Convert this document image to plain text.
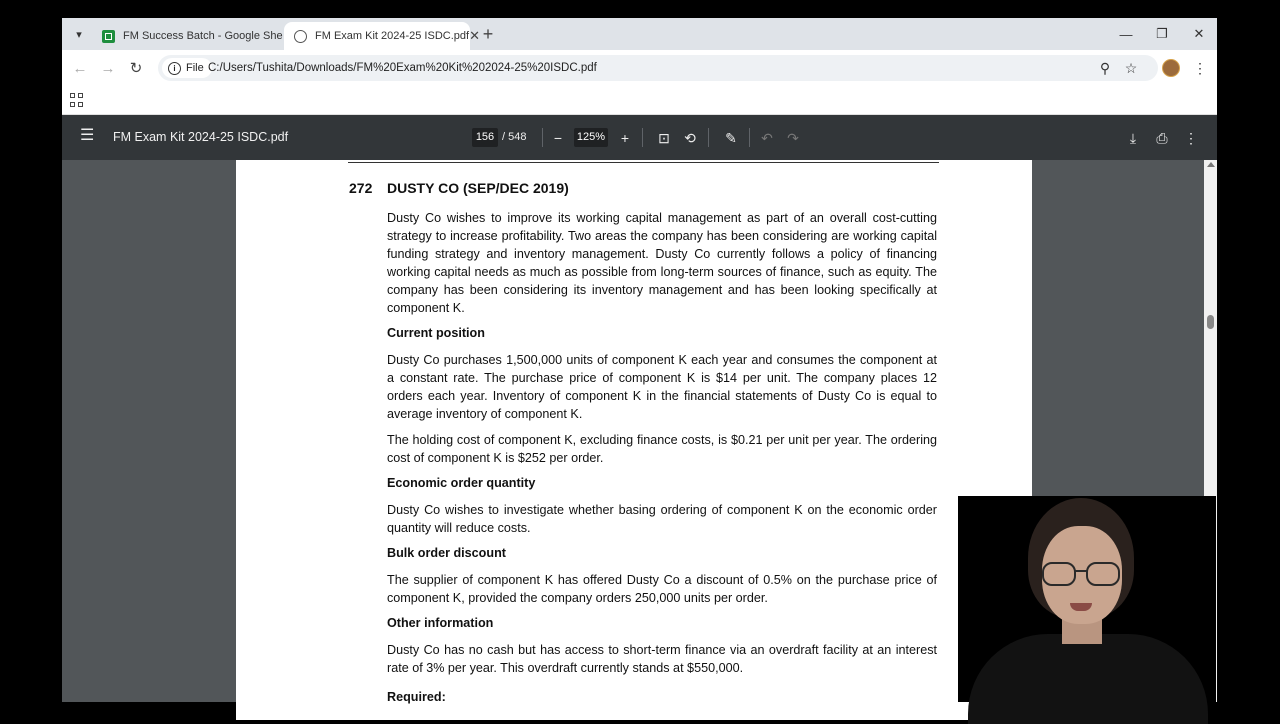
▾	FM Success Batch - Google She	FM Exam Kit 2024-25 ISDC.pdf ✕ +	—	❐	✕
← → ↻	i File C:/Users/Tushita/Downloads/FM%20Exam%20Kit%202024-25%20ISDC.pdf	⚲	☆	⋮
☰ FM Exam Kit 2024-25 ISDC.pdf	156 / 548	−	125%	+	⊡	⟲	✎	↶	↷	⤓	⎙	⋮
272 DUSTY CO (SEP/DEC 2019)
Dusty Co wishes to improve its working capital management as part of an overall cost-cutting strategy to increase profitability. Two areas the company has been considering are working capital funding strategy and inventory management. Dusty Co currently follows a policy of financing working capital needs as much as possible from long-term sources of finance, such as equity. The company has been considering its inventory management and has been looking specifically at component K.
Current position
Dusty Co purchases 1,500,000 units of component K each year and consumes the component at a constant rate. The purchase price of component K is $14 per unit. The company places 12 orders each year. Inventory of component K in the financial statements of Dusty Co is equal to average inventory of component K.
The holding cost of component K, excluding finance costs, is $0.21 per unit per year. The ordering cost of component K is $252 per order.
Economic order quantity
Dusty Co wishes to investigate whether basing ordering of component K on the economic order quantity will reduce costs.
Bulk order discount
The supplier of component K has offered Dusty Co a discount of 0.5% on the purchase price of component K, provided the company orders 250,000 units per order.
Other information
Dusty Co has no cash but has access to short-term finance via an overdraft facility at an interest rate of 3% per year. This overdraft currently stands at $550,000.
Required:
